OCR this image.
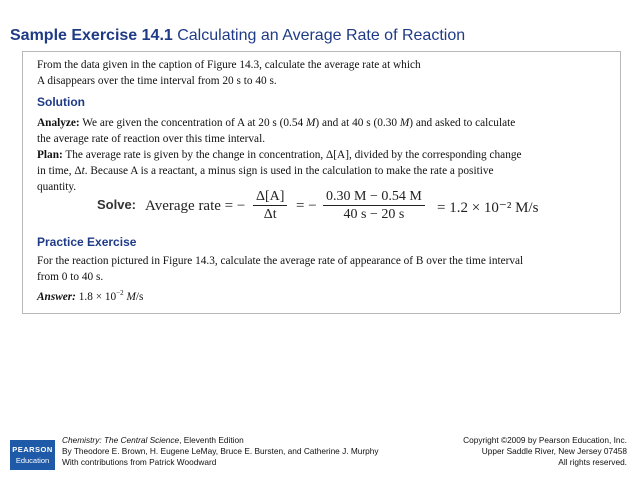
Sample Exercise 14.1 Calculating an Average Rate of Reaction
From the data given in the caption of Figure 14.3, calculate the average rate at which
A disappears over the time interval from 20 s to 40 s.
Solution
Analyze: We are given the concentration of A at 20 s (0.54 M) and at 40 s (0.30 M) and asked to calculate
the average rate of reaction over this time interval.
Plan: The average rate is given by the change in concentration, Δ[A], divided by the corresponding change
in time, Δt. Because A is a reactant, a minus sign is used in the calculation to make the rate a positive
quantity.
Solve: Average rate = − $\frac{\Delta[A]}{\Delta t}$ = − $\frac{0.30 M - 0.54 M}{40 s - 20 s} = 1.2 \times 10^{-2}$ M/s
Practice Exercise
For the reaction pictured in Figure 14.3, calculate the average rate of appearance of B over the time interval
from 0 to 40 s.
Answer: $1.8 \times 10^{-2}$ M/s
PEARSON
Education
Chemistry: The Central Science, Eleventh Edition
By Theodore E. Brown, H. Eugene LeMay, Bruce E. Bursten, and Catherine J. Murphy
With contributions from Patrick Woodward
Copyright ©2009 by Pearson Education, Inc.
Upper Saddle River, New Jersey 07458
All rights reserved.
